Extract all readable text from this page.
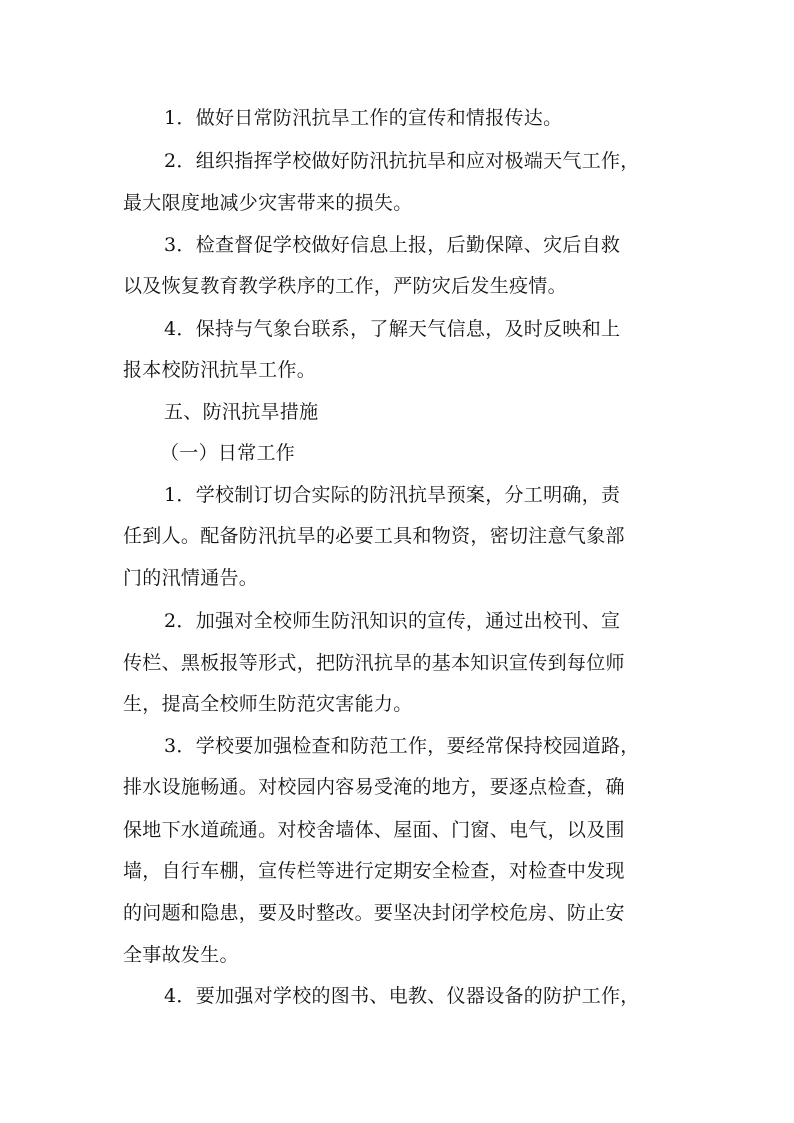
1．做好日常防汛抗旱工作的宣传和情报传达。
2．组织指挥学校做好防汛抗抗旱和应对极端天气工作，
最大限度地减少灾害带来的损失。
3．检查督促学校做好信息上报，后勤保障、灾后自救
以及恢复教育教学秩序的工作，严防灾后发生疫情。
4．保持与气象台联系，了解天气信息，及时反映和上
报本校防汛抗旱工作。
五、防汛抗旱措施
（一）日常工作
1．学校制订切合实际的防汛抗旱预案，分工明确，责
任到人。配备防汛抗旱的必要工具和物资，密切注意气象部
门的汛情通告。
2．加强对全校师生防汛知识的宣传，通过出校刊、宣
传栏、黑板报等形式，把防汛抗旱的基本知识宣传到每位师
生，提高全校师生防范灾害能力。
3．学校要加强检查和防范工作，要经常保持校园道路，
排水设施畅通。对校园内容易受淹的地方，要逐点检查，确
保地下水道疏通。对校舍墙体、屋面、门窗、电气，以及围
墙，自行车棚，宣传栏等进行定期安全检查，对检查中发现
的问题和隐患，要及时整改。要坚决封闭学校危房、防止安
全事故发生。
4．要加强对学校的图书、电教、仪器设备的防护工作，
